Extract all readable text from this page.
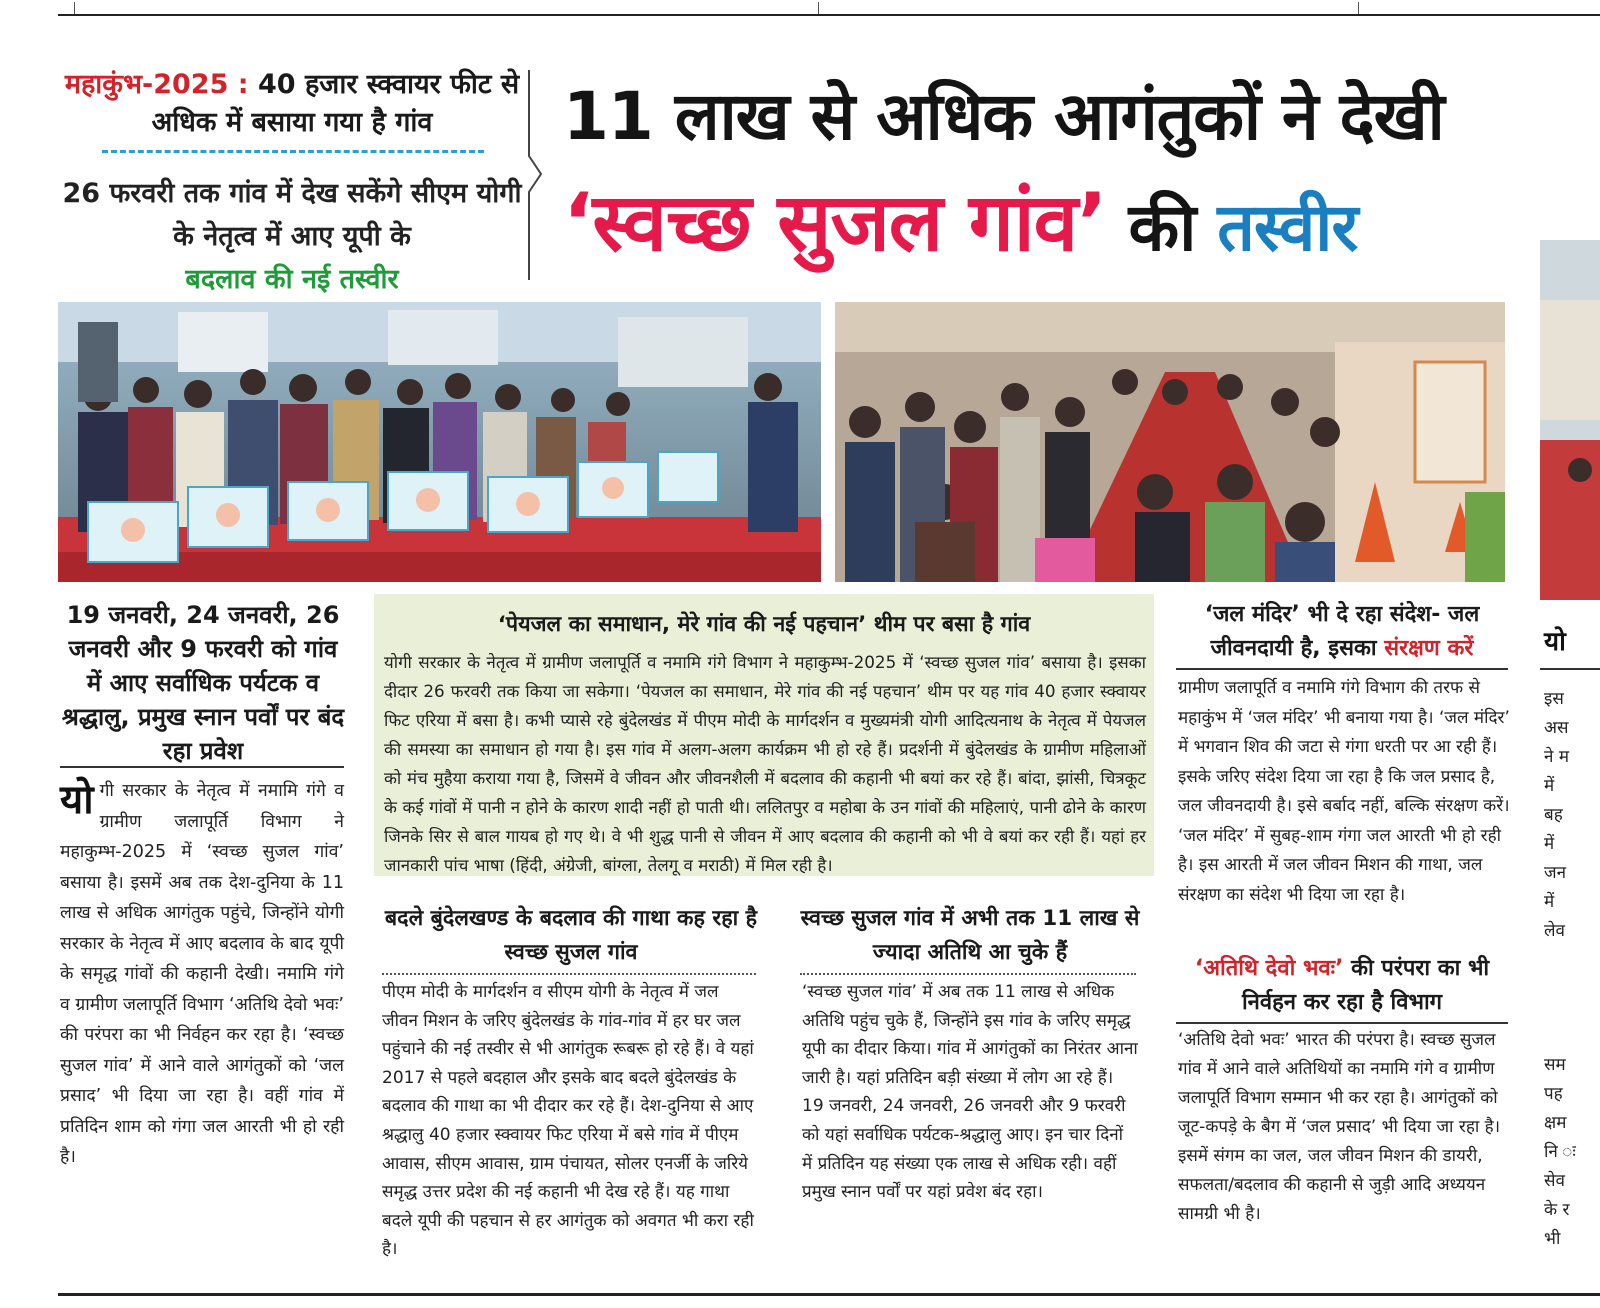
महाकुंभ-2025 : 40 हजार स्क्वायर फीट से अधिक में बसाया गया है गांव
26 फरवरी तक गांव में देख सकेंगे सीएम योगी के नेतृत्व में आए यूपी के
बदलाव की नई तस्वीर
11 लाख से अधिक आगंतुकों ने देखी
‘स्वच्छ सुजल गांव’ की तस्वीर
19 जनवरी, 24 जनवरी, 26 जनवरी और 9 फरवरी को गांव में आए सर्वाधिक पर्यटक व श्रद्धालु, प्रमुख स्नान पर्वों पर बंद रहा प्रवेश
योगी सरकार के नेतृत्व में नमामि गंगे व ग्रामीण जलापूर्ति विभाग ने महाकुम्भ-2025 में ‘स्वच्छ सुजल गांव’ बसाया है। इसमें अब तक देश-दुनिया के 11 लाख से अधिक आगंतुक पहुंचे, जिन्होंने योगी सरकार के नेतृत्व में आए बदलाव के बाद यूपी के समृद्ध गांवों की कहानी देखी। नमामि गंगे व ग्रामीण जलापूर्ति विभाग ‘अतिथि देवो भवः’ की परंपरा का भी निर्वहन कर रहा है। ‘स्वच्छ सुजल गांव’ में आने वाले आगंतुकों को ‘जल प्रसाद’ भी दिया जा रहा है। वहीं गांव में प्रतिदिन शाम को गंगा जल आरती भी हो रही है।
‘पेयजल का समाधान, मेरे गांव की नई पहचान’ थीम पर बसा है गांव
योगी सरकार के नेतृत्व में ग्रामीण जलापूर्ति व नमामि गंगे विभाग ने महाकुम्भ-2025 में ‘स्वच्छ सुजल गांव’ बसाया है। इसका दीदार 26 फरवरी तक किया जा सकेगा। ‘पेयजल का समाधान, मेरे गांव की नई पहचान’ थीम पर यह गांव 40 हजार स्क्वायर फिट एरिया में बसा है। कभी प्यासे रहे बुंदेलखंड में पीएम मोदी के मार्गदर्शन व मुख्यमंत्री योगी आदित्यनाथ के नेतृत्व में पेयजल की समस्या का समाधान हो गया है। इस गांव में अलग-अलग कार्यक्रम भी हो रहे हैं। प्रदर्शनी में बुंदेलखंड के ग्रामीण महिलाओं को मंच मुहैया कराया गया है, जिसमें वे जीवन और जीवनशैली में बदलाव की कहानी भी बयां कर रहे हैं। बांदा, झांसी, चित्रकूट के कई गांवों में पानी न होने के कारण शादी नहीं हो पाती थी। ललितपुर व महोबा के उन गांवों की महिलाएं, पानी ढोने के कारण जिनके सिर से बाल गायब हो गए थे। वे भी शुद्ध पानी से जीवन में आए बदलाव की कहानी को भी वे बयां कर रही हैं। यहां हर जानकारी पांच भाषा (हिंदी, अंग्रेजी, बांग्ला, तेलगू व मराठी) में मिल रही है।
बदले बुंदेलखण्ड के बदलाव की गाथा कह रहा है स्वच्छ सुजल गांव
पीएम मोदी के मार्गदर्शन व सीएम योगी के नेतृत्व में जल जीवन मिशन के जरिए बुंदेलखंड के गांव-गांव में हर घर जल पहुंचाने की नई तस्वीर से भी आगंतुक रूबरू हो रहे हैं। वे यहां 2017 से पहले बदहाल और इसके बाद बदले बुंदेलखंड के बदलाव की गाथा का भी दीदार कर रहे हैं। देश-दुनिया से आए श्रद्धालु 40 हजार स्क्वायर फिट एरिया में बसे गांव में पीएम आवास, सीएम आवास, ग्राम पंचायत, सोलर एनर्जी के जरिये समृद्ध उत्तर प्रदेश की नई कहानी भी देख रहे हैं। यह गाथा बदले यूपी की पहचान से हर आगंतुक को अवगत भी करा रही है।
स्वच्छ सुजल गांव में अभी तक 11 लाख से ज्यादा अतिथि आ चुके हैं
‘स्वच्छ सुजल गांव’ में अब तक 11 लाख से अधिक अतिथि पहुंच चुके हैं, जिन्होंने इस गांव के जरिए समृद्ध यूपी का दीदार किया। गांव में आगंतुकों का निरंतर आना जारी है। यहां प्रतिदिन बड़ी संख्या में लोग आ रहे हैं। 19 जनवरी, 24 जनवरी, 26 जनवरी और 9 फरवरी को यहां सर्वाधिक पर्यटक-श्रद्धालु आए। इन चार दिनों में प्रतिदिन यह संख्या एक लाख से अधिक रही। वहीं प्रमुख स्नान पर्वों पर यहां प्रवेश बंद रहा।
‘जल मंदिर’ भी दे रहा संदेश- जल जीवनदायी है, इसका संरक्षण करें
ग्रामीण जलापूर्ति व नमामि गंगे विभाग की तरफ से महाकुंभ में ‘जल मंदिर’ भी बनाया गया है। ‘जल मंदिर’ में भगवान शिव की जटा से गंगा धरती पर आ रही हैं। इसके जरिए संदेश दिया जा रहा है कि जल प्रसाद है, जल जीवनदायी है। इसे बर्बाद नहीं, बल्कि संरक्षण करें। ‘जल मंदिर’ में सुबह-शाम गंगा जल आरती भी हो रही है। इस आरती में जल जीवन मिशन की गाथा, जल संरक्षण का संदेश भी दिया जा रहा है।
‘अतिथि देवो भवः’ की परंपरा का भी निर्वहन कर रहा है विभाग
‘अतिथि देवो भवः’ भारत की परंपरा है। स्वच्छ सुजल गांव में आने वाले अतिथियों का नमामि गंगे व ग्रामीण जलापूर्ति विभाग सम्मान भी कर रहा है। आगंतुकों को जूट-कपड़े के बैग में ‘जल प्रसाद’ भी दिया जा रहा है। इसमें संगम का जल, जल जीवन मिशन की डायरी, सफलता/बदलाव की कहानी से जुड़ी आदि अध्ययन सामग्री भी है।
यो
इस
अस
ने म
में
बह
में
जन
में
लेव
सम
पह
क्षम
नि ः
सेव
के र
भी
